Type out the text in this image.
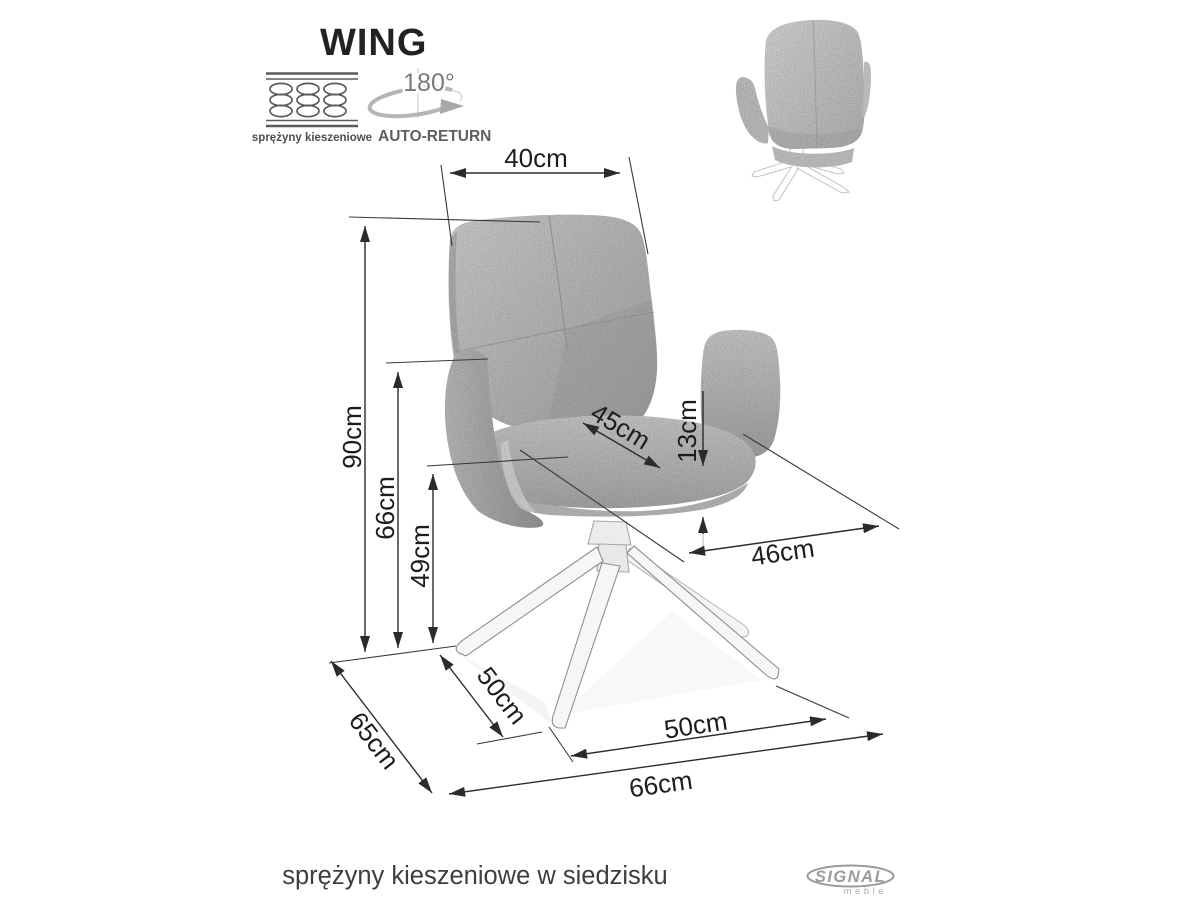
WING
sprężyny kieszeniowe
180°
AUTO-RETURN
40cm
90cm
66cm
49cm
45cm 13cm
46cm
65cm
50cm	50cm
66cm
sprężyny kieszeniowe w siedzisku	SIGNAL
meble
